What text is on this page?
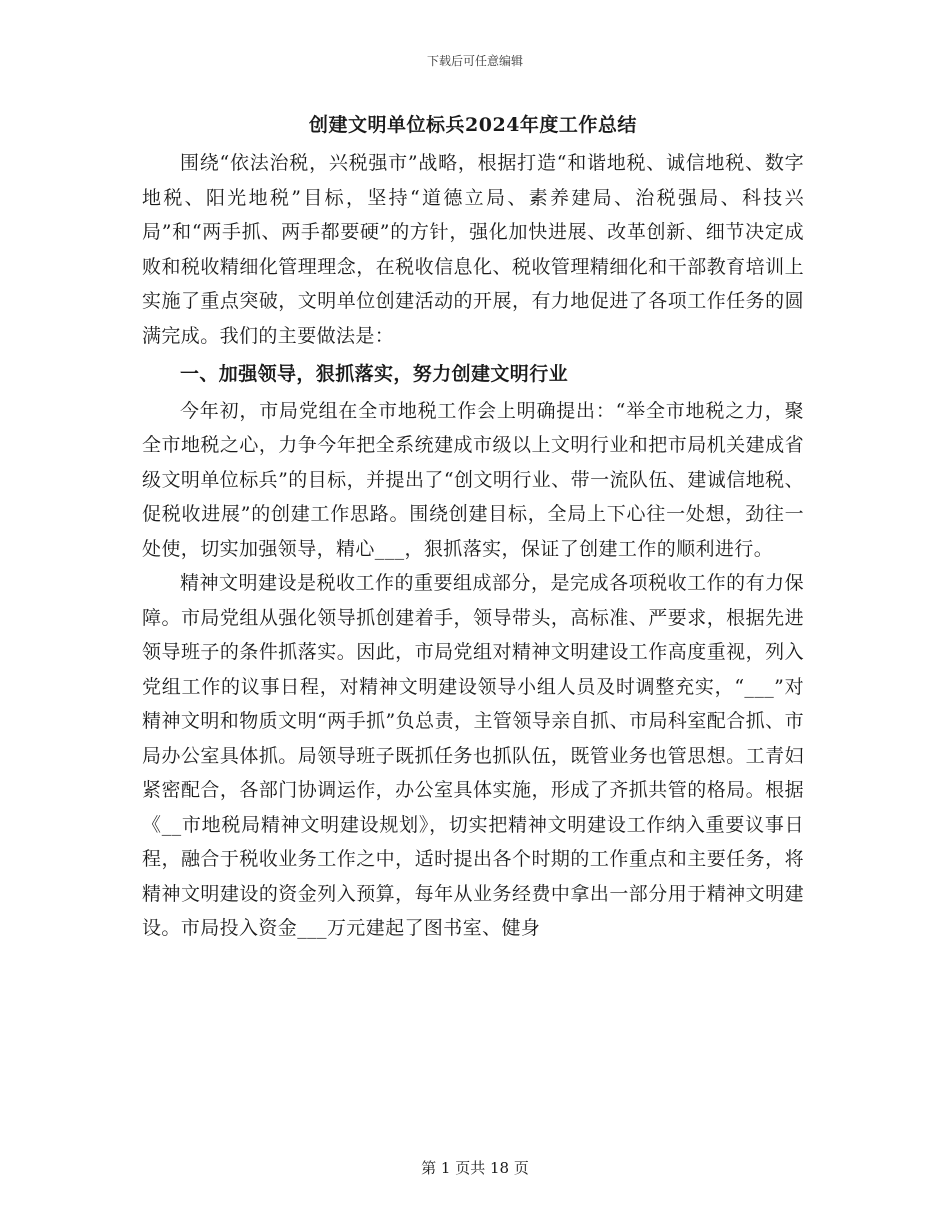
下载后可任意编辑
创建文明单位标兵2024年度工作总结

围绕“依法治税，兴税强市”战略，根据打造“和谐地税、诚信地税、数字地税、阳光地税”目标，坚持“道德立局、素养建局、治税强局、科技兴局”和“两手抓、两手都要硬”的方针，强化加快进展、改革创新、细节决定成败和税收精细化管理理念，在税收信息化、税收管理精细化和干部教育培训上实施了重点突破，文明单位创建活动的开展，有力地促进了各项工作任务的圆满完成。我们的主要做法是：

一、加强领导，狠抓落实，努力创建文明行业

今年初，市局党组在全市地税工作会上明确提出：“举全市地税之力，聚全市地税之心，力争今年把全系统建成市级以上文明行业和把市局机关建成省级文明单位标兵”的目标，并提出了“创文明行业、带一流队伍、建诚信地税、促税收进展”的创建工作思路。围绕创建目标，全局上下心往一处想，劲往一处使，切实加强领导，精心___，狠抓落实，保证了创建工作的顺利进行。

精神文明建设是税收工作的重要组成部分，是完成各项税收工作的有力保障。市局党组从强化领导抓创建着手，领导带头，高标准、严要求，根据先进领导班子的条件抓落实。因此，市局党组对精神文明建设工作高度重视，列入党组工作的议事日程，对精神文明建设领导小组人员及时调整充实，“___”对精神文明和物质文明“两手抓”负总责，主管领导亲自抓、市局科室配合抓、市局办公室具体抓。局领导班子既抓任务也抓队伍，既管业务也管思想。工青妇紧密配合，各部门协调运作，办公室具体实施，形成了齐抓共管的格局。根据《__市地税局精神文明建设规划》，切实把精神文明建设工作纳入重要议事日程，融合于税收业务工作之中，适时提出各个时期的工作重点和主要任务，将精神文明建设的资金列入预算，每年从业务经费中拿出一部分用于精神文明建设。市局投入资金___万元建起了图书室、健身

第 1 页共 18 页
